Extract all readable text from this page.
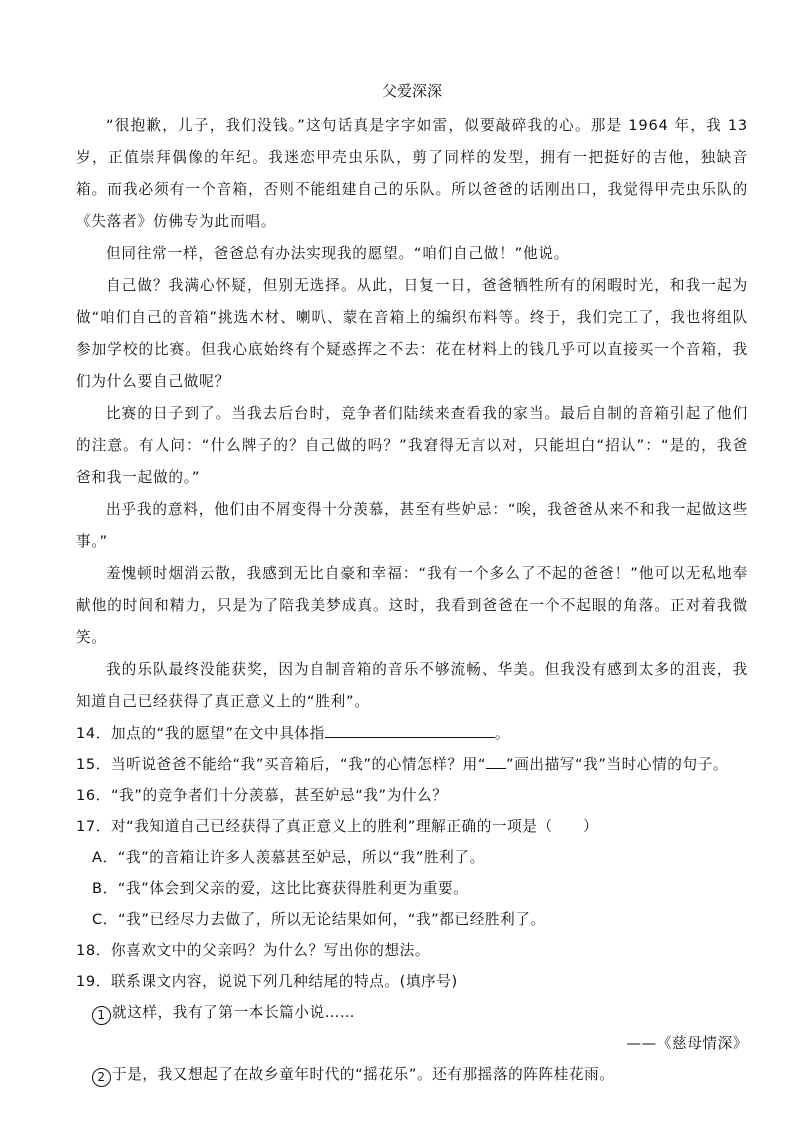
父爱深深

“很抱歉，儿子，我们没钱。”这句话真是字字如雷，似要敲碎我的心。那是 1964 年，我 13 岁，正值崇拜偶像的年纪。我迷恋甲壳虫乐队，剪了同样的发型，拥有一把挺好的吉他，独缺音箱。而我必须有一个音箱，否则不能组建自己的乐队。所以爸爸的话刚出口，我觉得甲壳虫乐队的《失落者》仿佛专为此而唱。

但同往常一样，爸爸总有办法实现我的愿望。“咱们自己做！”他说。

自己做？我满心怀疑，但别无选择。从此，日复一日，爸爸牺牲所有的闲暇时光，和我一起为做“咱们自己的音箱”挑选木材、喇叭、蒙在音箱上的编织布料等。终于，我们完工了，我也将组队参加学校的比赛。但我心底始终有个疑惑挥之不去：花在材料上的钱几乎可以直接买一个音箱，我们为什么要自己做呢？

比赛的日子到了。当我去后台时，竞争者们陆续来查看我的家当。最后自制的音箱引起了他们的注意。有人问：“什么牌子的？自己做的吗？”我窘得无言以对，只能坦白“招认”：“是的，我爸爸和我一起做的。”

出乎我的意料，他们由不屑变得十分羡慕，甚至有些妒忌：“唉，我爸爸从来不和我一起做这些事。”

羞愧顿时烟消云散，我感到无比自豪和幸福：“我有一个多么了不起的爸爸！”他可以无私地奉献他的时间和精力，只是为了陪我美梦成真。这时，我看到爸爸在一个不起眼的角落。正对着我微笑。

我的乐队最终没能获奖，因为自制音箱的音乐不够流畅、华美。但我没有感到太多的沮丧，我知道自己已经获得了真正意义上的“胜利”。

14．加点的“我的愿望”在文中具体指	。
15．当听说爸爸不能给“我”买音箱后，“我”的心情怎样？用“ ”画出描写“我”当时心情的句子。
16．“我”的竞争者们十分羡慕，甚至妒忌“我”为什么？
17．对“我知道自己已经获得了真正意义上的胜利”理解正确的一项是（　　）
A．“我”的音箱让许多人羡慕甚至妒忌，所以“我”胜利了。
B．“我”体会到父亲的爱，这比比赛获得胜利更为重要。
C．“我”已经尽力去做了，所以无论结果如何，“我”都已经胜利了。
18．你喜欢文中的父亲吗？为什么？写出你的想法。
19．联系课文内容，说说下列几种结尾的特点。(填序号)
1 就这样，我有了第一本长篇小说……
——《慈母情深》
2 于是，我又想起了在故乡童年时代的“摇花乐”。还有那摇落的阵阵桂花雨。
